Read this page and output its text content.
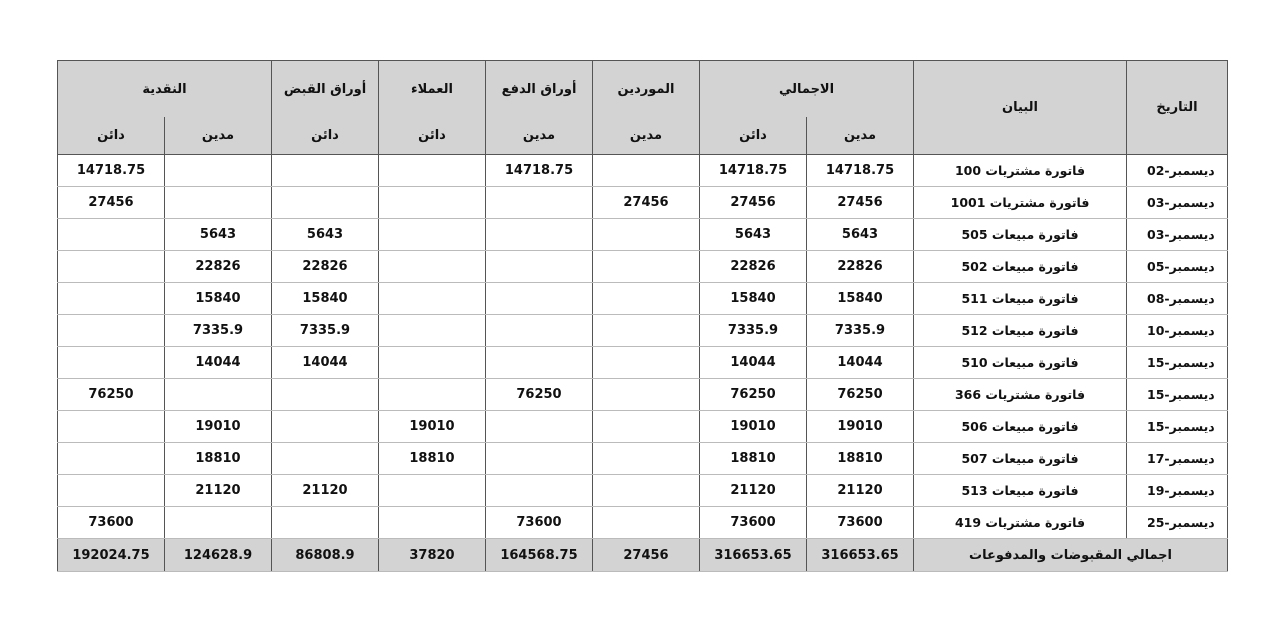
التاريخ	البيان	الاجمالي		الموردين	أوراق الدفع	العملاء	أوراق القبض	النقدية	
		مدين	دائن	مدين	مدين	دائن	دائن	مدين	دائن
02-ديسمبر	فاتورة مشتريات 100	14718.75	14718.75		14718.75				14718.75
03-ديسمبر	فاتورة مشتريات 1001	27456	27456	27456					27456
03-ديسمبر	فاتورة مبيعات 505	5643	5643				5643	5643	
05-ديسمبر	فاتورة مبيعات 502	22826	22826				22826	22826	
08-ديسمبر	فاتورة مبيعات 511	15840	15840				15840	15840	
10-ديسمبر	فاتورة مبيعات 512	7335.9	7335.9				7335.9	7335.9	
15-ديسمبر	فاتورة مبيعات 510	14044	14044				14044	14044	
15-ديسمبر	فاتورة مشتريات 366	76250	76250		76250				76250
15-ديسمبر	فاتورة مبيعات 506	19010	19010			19010		19010	
17-ديسمبر	فاتورة مبيعات 507	18810	18810			18810		18810	
19-ديسمبر	فاتورة مبيعات 513	21120	21120				21120	21120	
25-ديسمبر	فاتورة مشتريات 419	73600	73600		73600				73600
اجمالي المقبوضات والمدفوعات		316653.65	316653.65	27456	164568.75	37820	86808.9	124628.9	192024.75
